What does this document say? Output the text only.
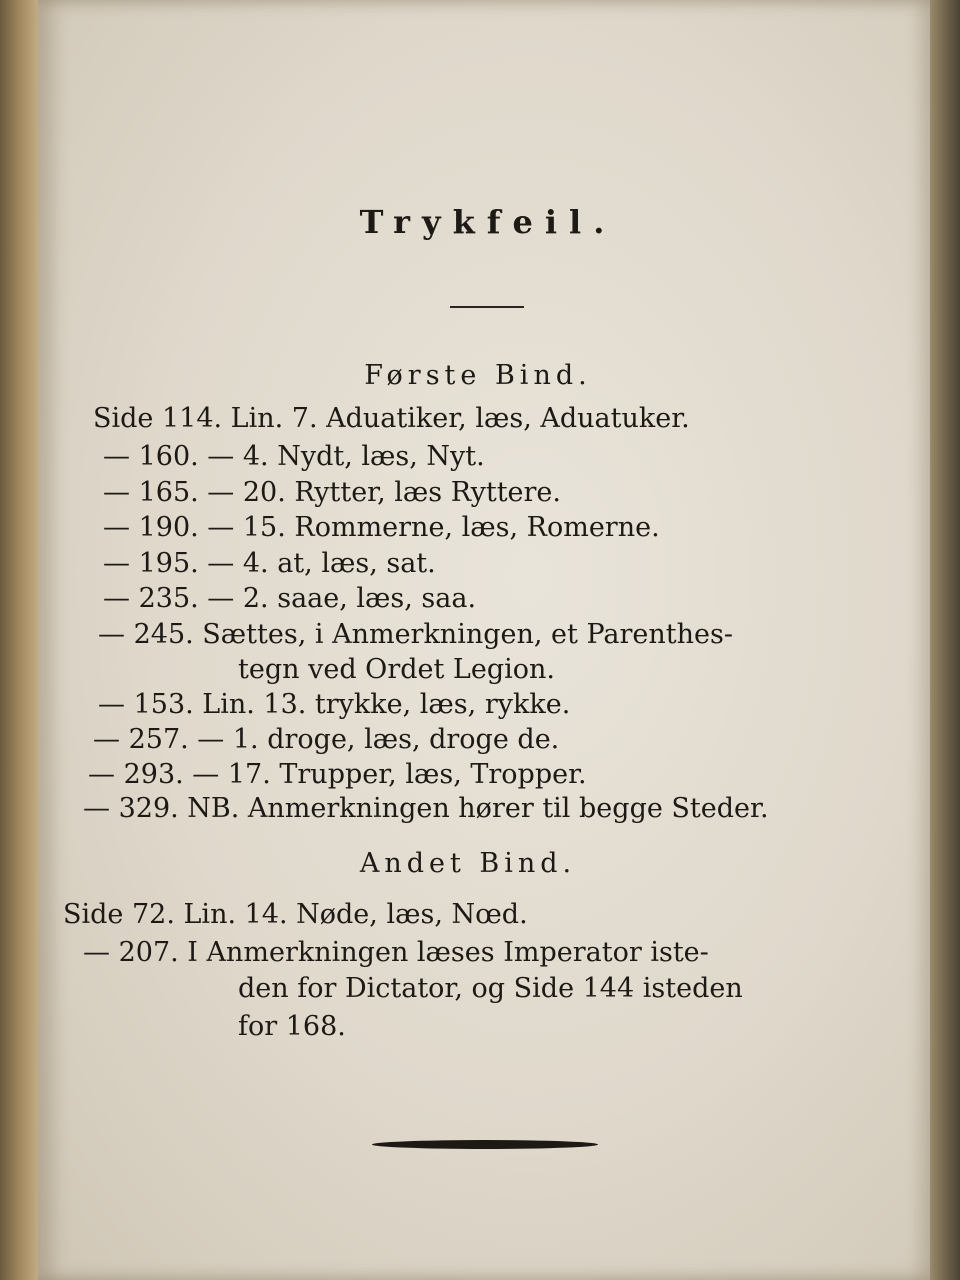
Trykfeil.
Første Bind.
Side 114. Lin. 7. Aduatiker, læs, Aduatuker.
— 160. — 4. Nydt, læs, Nyt.
— 165. — 20. Rytter, læs Ryttere.
— 190. — 15. Rommerne, læs, Romerne.
— 195. — 4. at, læs, sat.
— 235. — 2. saae, læs, saa.
— 245. Sættes, i Anmerkningen, et Parenthes-
tegn ved Ordet Legion.
— 153. Lin. 13. trykke, læs, rykke.
— 257. — 1. droge, læs, droge de.
— 293. — 17. Trupper, læs, Tropper.
— 329. NB. Anmerkningen hører til begge Steder.
Andet Bind.
Side 72. Lin. 14. Nøde, læs, Nœd.
— 207. I Anmerkningen læses Imperator iste-
den for Dictator, og Side 144 isteden
for 168.
